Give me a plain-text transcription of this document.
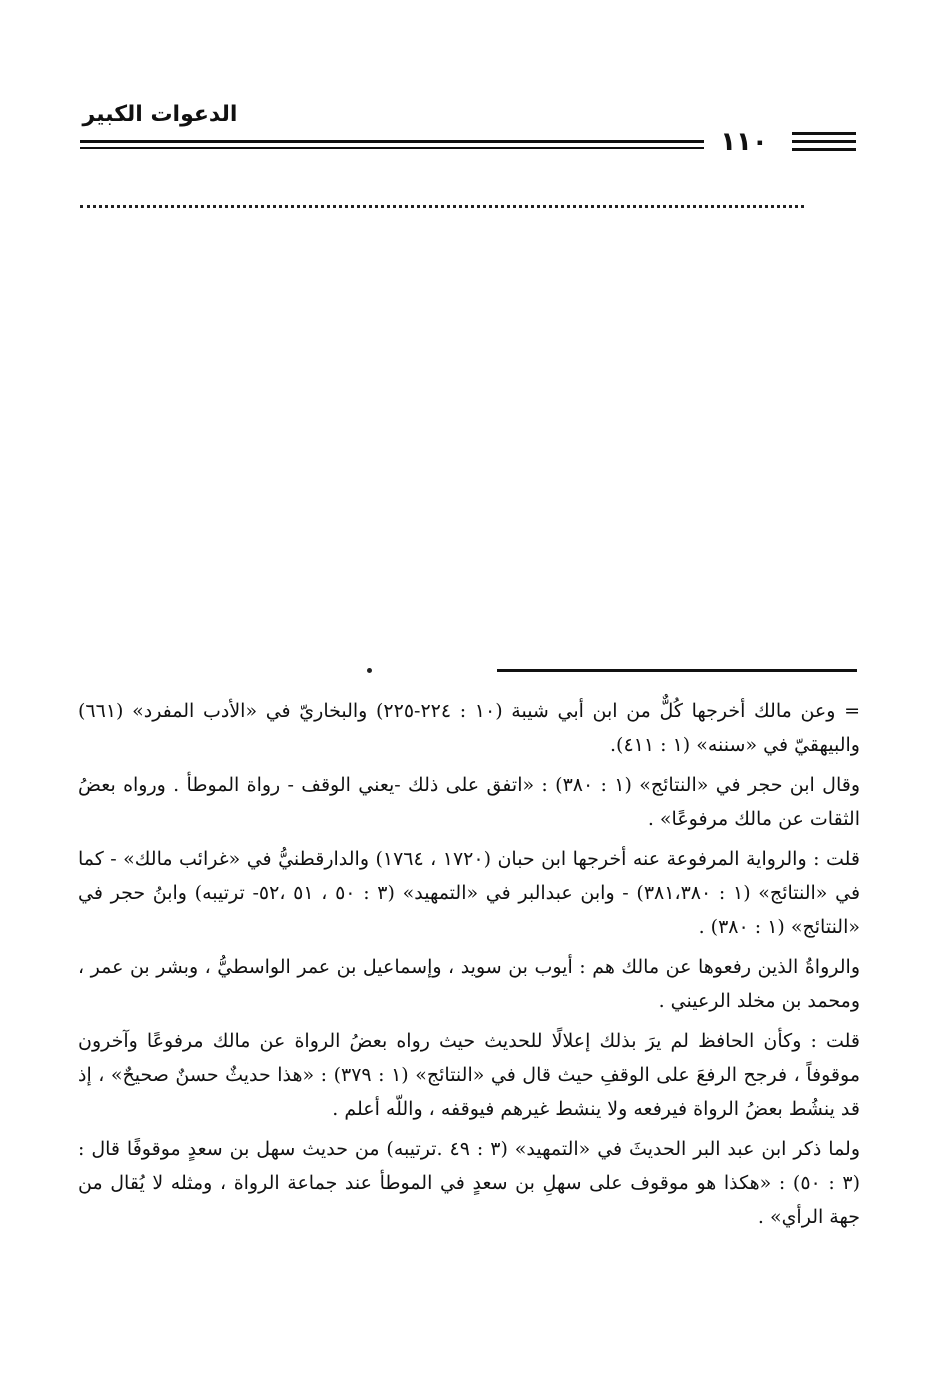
الدعوات الكبير
١١٠

= وعن مالك أخرجها كُلٌّ من ابن أبي شيبة (١٠ : ٢٢٤-٢٢٥) والبخاريّ في «الأدب المفرد» (٦٦١) والبيهقيّ في «سننه» (١ : ٤١١).

وقال ابن حجر في «النتائج» (١ : ٣٨٠) : «اتفق على ذلك -يعني الوقف - رواة الموطأ . ورواه بعضُ الثقات عن مالك مرفوعًا» .

قلت : والرواية المرفوعة عنه أخرجها ابن حبان (١٧٢٠ ، ١٧٦٤) والدارقطنيُّ في «غرائب مالك» - كما في «النتائج» (١ : ٣٨١،٣٨٠) - وابن عبدالبر في «التمهيد» (٣ : ٥٠ ، ٥١ ،٥٢- ترتيبه) وابنُ حجر في «النتائج» (١ : ٣٨٠) .

والرواةُ الذين رفعوها عن مالك هم : أيوب بن سويد ، وإسماعيل بن عمر الواسطيُّ ، وبشر بن عمر ، ومحمد بن مخلد الرعيني .

قلت : وكأن الحافظ لم يرَ بذلك إعلالًا للحديث حيث رواه بعضُ الرواة عن مالك مرفوعًا وآخرون موقوفاً ، فرجح الرفعَ على الوقفِ حيث قال في «النتائج» (١ : ٣٧٩) : «هذا حديثٌ حسنٌ صحيحٌ» ، إذ قد ينشُط بعضُ الرواة فيرفعه ولا ينشط غيرهم فيوقفه ، واللّه أعلم .

ولما ذكر ابن عبد البر الحديثَ في «التمهيد» (٣ : ٤٩ .ترتيبه) من حديث سهل بن سعدٍ موقوفًا قال : (٣ : ٥٠) : «هكذا هو موقوف على سهلِ بن سعدٍ في الموطأ عند جماعة الرواة ، ومثله لا يُقال من جهة الرأي» .
